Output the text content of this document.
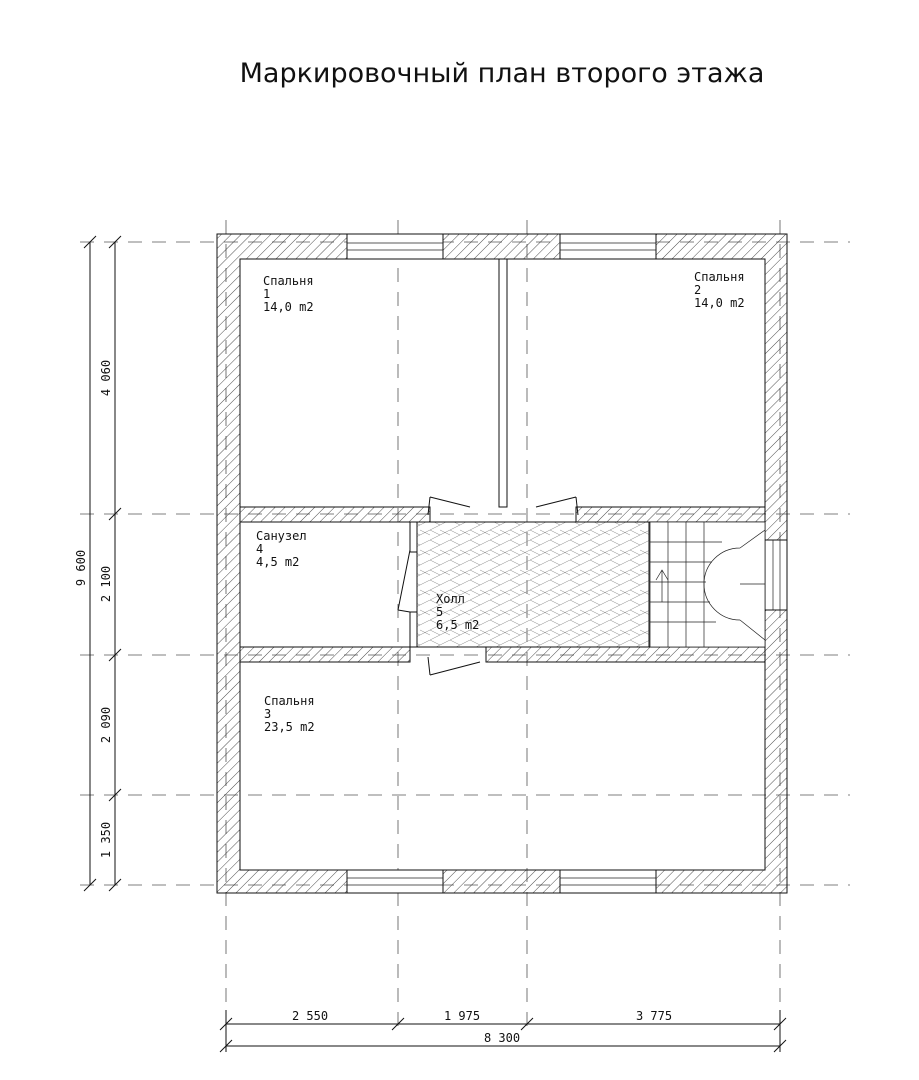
Маркировочный план второго этажа
Спальня
1
14,0 m2
Спальня
2
14,0 m2
Санузел
4
4,5 m2
Холл
5
6,5 m2
Спальня
3
23,5 m2
9 600
4 060
2 100
2 090
1 350
2 550	1 975	3 775
8 300
